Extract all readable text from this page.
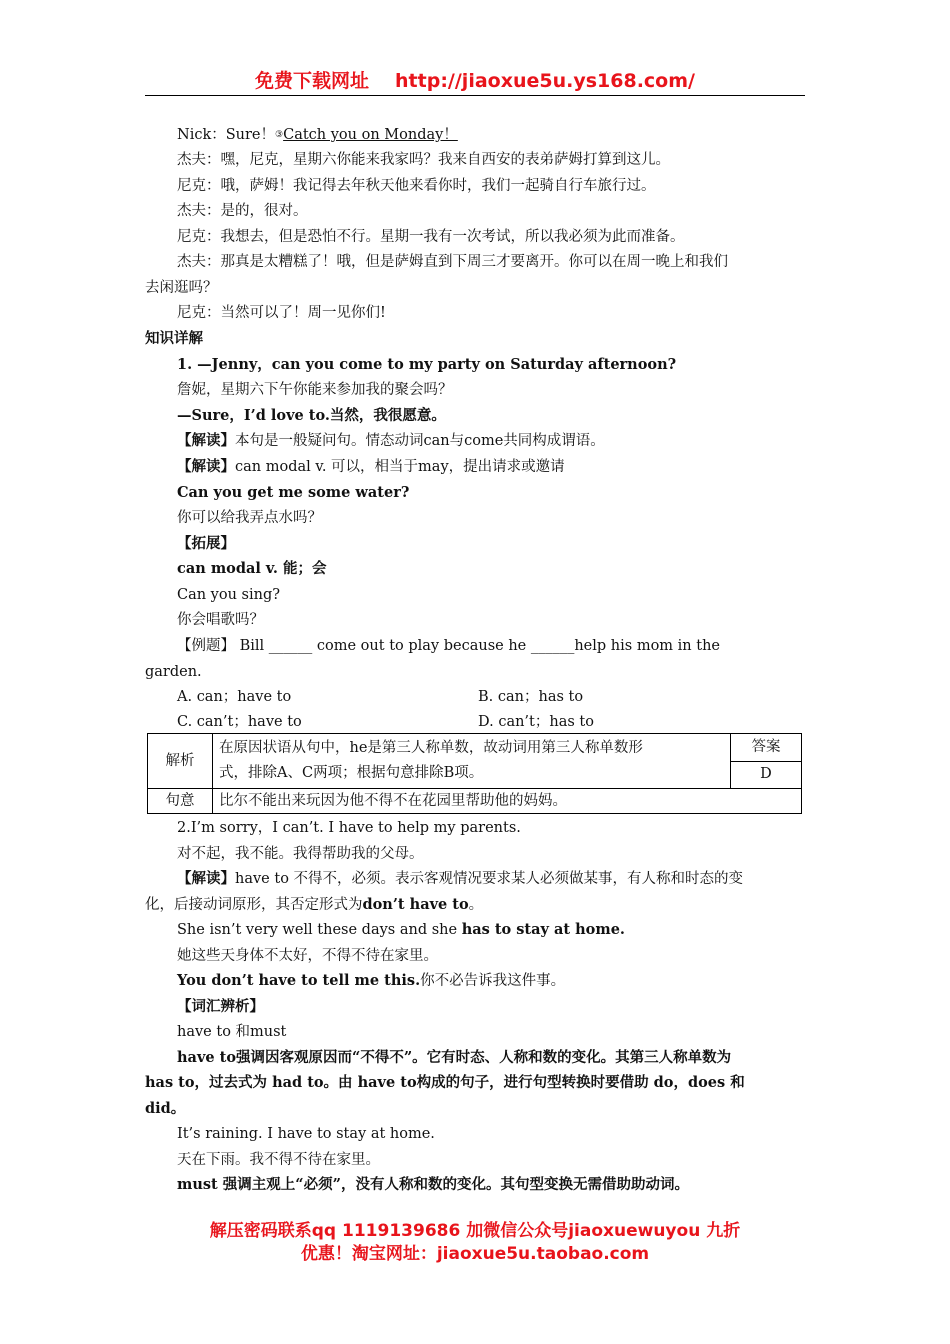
免费下载网址 http://jiaoxue5u.ys168.com/
Nick：Sure！③Catch you on Monday！
杰夫：嘿，尼克，星期六你能来我家吗？我来自西安的表弟萨姆打算到这儿。
尼克：哦，萨姆！我记得去年秋天他来看你时，我们一起骑自行车旅行过。
杰夫：是的，很对。
尼克：我想去，但是恐怕不行。星期一我有一次考试，所以我必须为此而准备。
杰夫：那真是太糟糕了！哦，但是萨姆直到下周三才要离开。你可以在周一晚上和我们
去闲逛吗？
尼克：当然可以了！周一见你们!
知识详解
1. —Jenny，can you come to my party on Saturday afternoon?
詹妮，星期六下午你能来参加我的聚会吗？
—Sure，I’d love to.当然，我很愿意。
【解读】本句是一般疑问句。情态动词can与come共同构成谓语。
【解读】can modal v. 可以，相当于may，提出请求或邀请
Can you get me some water?
你可以给我弄点水吗？
【拓展】
can modal v. 能；会
Can you sing?
你会唱歌吗？
【例题】 Bill ______ come out to play because he ______help his mom in the
garden.
A. can；have to	B. can；has to
C. can’t；have to	D. can’t；has to
解析	在原因状语从句中，he是第三人称单数，故动词用第三人称单数形
式，排除A、C两项；根据句意排除B项。	答案
		D
句意	比尔不能出来玩因为他不得不在花园里帮助他的妈妈。	
2.I’m sorry，I can’t. I have to help my parents.
对不起，我不能。我得帮助我的父母。
【解读】have to 不得不，必须。表示客观情况要求某人必须做某事，有人称和时态的变
化，后接动词原形，其否定形式为don’t have to。
She isn’t very well these days and she has to stay at home.
她这些天身体不太好，不得不待在家里。
You don’t have to tell me this.你不必告诉我这件事。
【词汇辨析】
have to 和must
have to强调因客观原因而“不得不”。它有时态、人称和数的变化。其第三人称单数为
has to，过去式为 had to。由 have to构成的句子，进行句型转换时要借助 do，does 和
did。
It’s raining. I have to stay at home.
天在下雨。我不得不待在家里。
must 强调主观上“必须”，没有人称和数的变化。其句型变换无需借助助动词。
解压密码联系qq 1119139686 加微信公众号jiaoxuewuyou 九折
优惠！淘宝网址：jiaoxue5u.taobao.com
